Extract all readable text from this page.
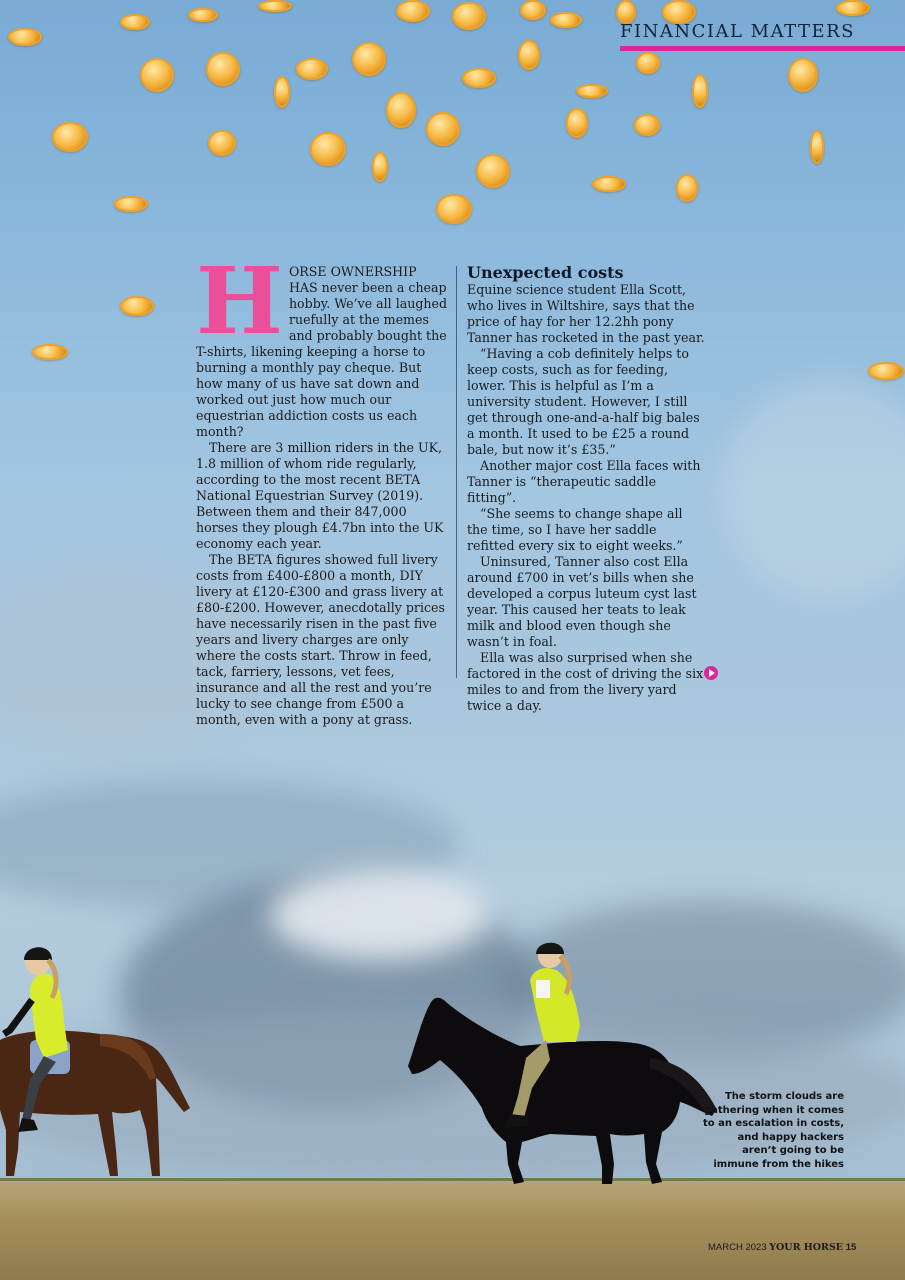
FINANCIAL MATTERS
H ORSE OWNERSHIP HAS never been a cheap hobby. We’ve all laughed ruefully at the memes and probably bought the T-shirts, likening keeping a horse to burning a monthly pay cheque. But how many of us have sat down and worked out just how much our equestrian addiction costs us each month?

There are 3 million riders in the UK, 1.8 million of whom ride regularly, according to the most recent BETA National Equestrian Survey (2019). Between them and their 847,000 horses they plough £4.7bn into the UK economy each year.

The BETA figures showed full livery costs from £400-£800 a month, DIY livery at £120-£300 and grass livery at £80-£200. However, anecdotally prices have necessarily risen in the past five years and livery charges are only where the costs start. Throw in feed, tack, farriery, lessons, vet fees, insurance and all the rest and you’re lucky to see change from £500 a month, even with a pony at grass.

Unexpected costs

Equine science student Ella Scott, who lives in Wiltshire, says that the price of hay for her 12.2hh pony Tanner has rocketed in the past year.

“Having a cob definitely helps to keep costs, such as for feeding, lower. This is helpful as I’m a university student. However, I still get through one-and-a-half big bales a month. It used to be £25 a round bale, but now it’s £35.”

Another major cost Ella faces with Tanner is “therapeutic saddle fitting”.

“She seems to change shape all the time, so I have her saddle refitted every six to eight weeks.”

Uninsured, Tanner also cost Ella around £700 in vet’s bills when she developed a corpus luteum cyst last year. This caused her teats to leak milk and blood even though she wasn’t in foal.

Ella was also surprised when she factored in the cost of driving the six miles to and from the livery yard twice a day.

The storm clouds are gathering when it comes to an escalation in costs, and happy hackers aren’t going to be immune from the hikes
MARCH 2023 YOUR HORSE 15
